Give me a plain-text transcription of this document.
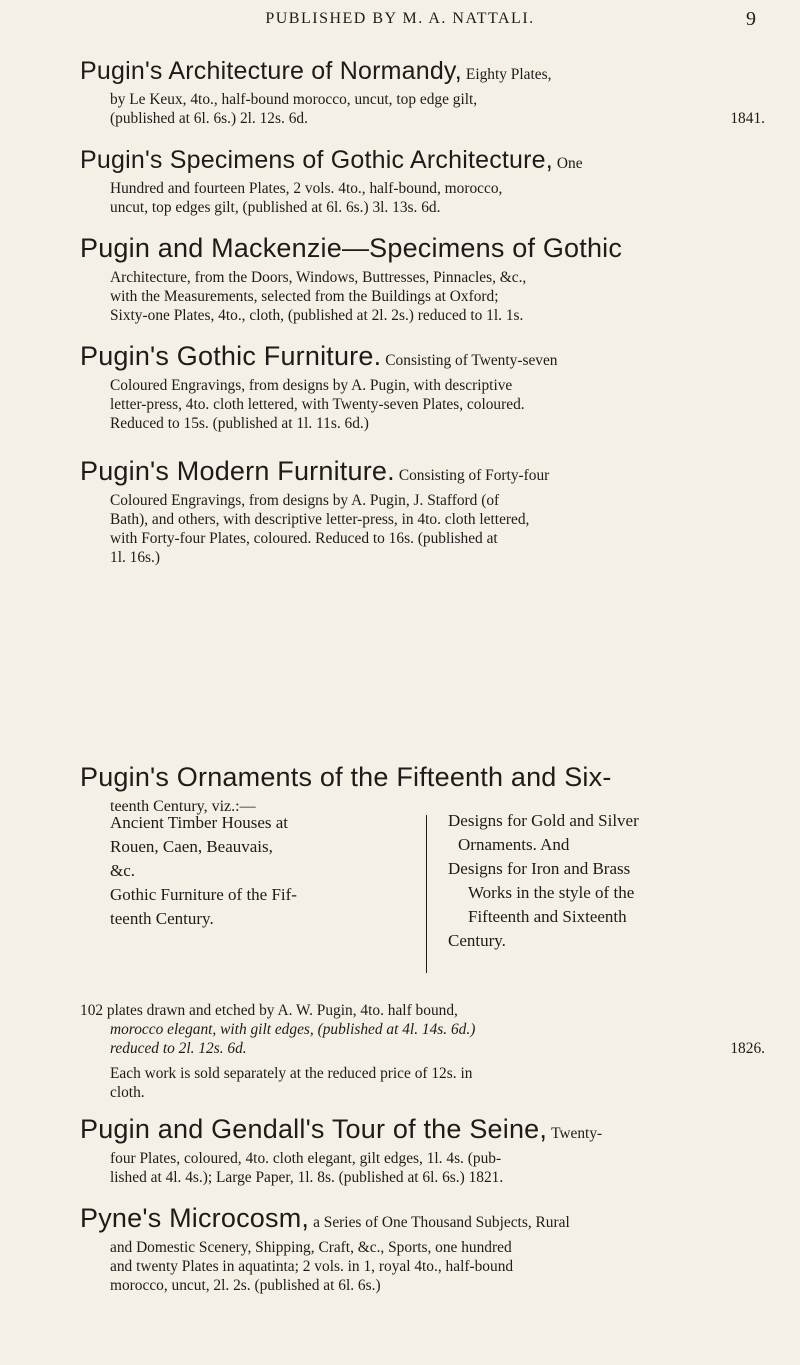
PUBLISHED BY M. A. NATTALI.	9
Pugin's Architecture of Normandy, Eighty Plates,
by Le Keux, 4to., half-bound morocco, uncut, top edge gilt,
(published at 6l. 6s.) 2l. 12s. 6d.	1841.
Pugin's Specimens of Gothic Architecture, One
Hundred and fourteen Plates, 2 vols. 4to., half-bound, morocco,
uncut, top edges gilt, (published at 6l. 6s.) 3l. 13s. 6d.
Pugin and Mackenzie—Specimens of Gothic
Architecture, from the Doors, Windows, Buttresses, Pinnacles, &c.,
with the Measurements, selected from the Buildings at Oxford;
Sixty-one Plates, 4to., cloth, (published at 2l. 2s.) reduced to 1l. 1s.
Pugin's Gothic Furniture. Consisting of Twenty-seven
Coloured Engravings, from designs by A. Pugin, with descriptive
letter-press, 4to. cloth lettered, with Twenty-seven Plates, coloured.
Reduced to 15s. (published at 1l. 11s. 6d.)
Pugin's Modern Furniture. Consisting of Forty-four
Coloured Engravings, from designs by A. Pugin, J. Stafford (of
Bath), and others, with descriptive letter-press, in 4to. cloth lettered,
with Forty-four Plates, coloured. Reduced to 16s. (published at
1l. 16s.)
Pugin's Ornaments of the Fifteenth and Six-
teenth Century, viz.:—
Ancient Timber Houses at
Rouen, Caen, Beauvais,
&c.
Gothic Furniture of the Fif-
teenth Century.
Designs for Gold and Silver
Ornaments. And
Designs for Iron and Brass
Works in the style of the
Fifteenth and Sixteenth
Century.
102 plates drawn and etched by A. W. Pugin, 4to. half bound,
morocco elegant, with gilt edges, (published at 4l. 14s. 6d.)
reduced to 2l. 12s. 6d.	1826.
Each work is sold separately at the reduced price of 12s. in
cloth.
Pugin and Gendall's Tour of the Seine, Twenty-
four Plates, coloured, 4to. cloth elegant, gilt edges, 1l. 4s. (pub-
lished at 4l. 4s.); Large Paper, 1l. 8s. (published at 6l. 6s.) 1821.
Pyne's Microcosm, a Series of One Thousand Subjects, Rural
and Domestic Scenery, Shipping, Craft, &c., Sports, one hundred
and twenty Plates in aquatinta; 2 vols. in 1, royal 4to., half-bound
morocco, uncut, 2l. 2s. (published at 6l. 6s.)
